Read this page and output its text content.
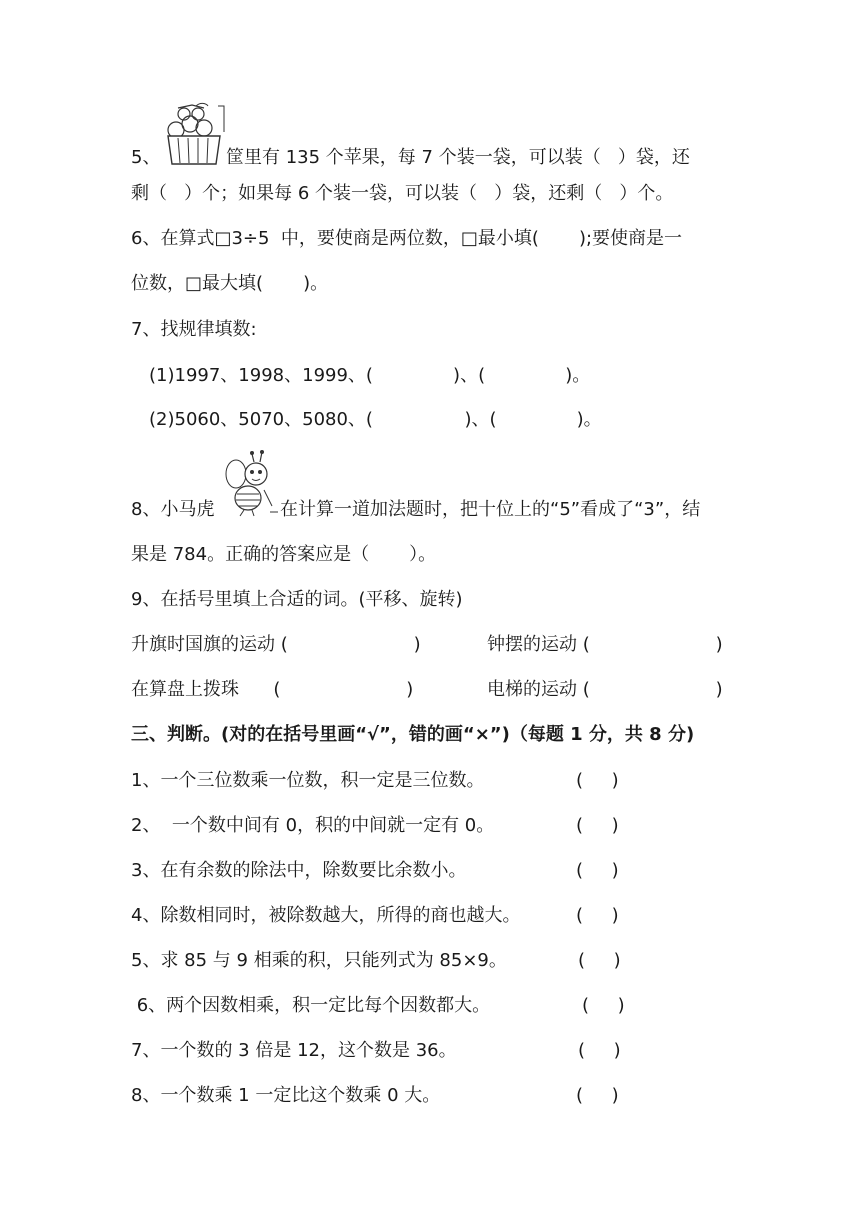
5、	筐里有 135 个苹果，每 7 个装一袋，可以装（   ）袋，还
剩（   ）个；如果每 6 个装一袋，可以装（   ）袋，还剩（   ）个。
6、在算式□3÷5  中，要使商是两位数，□最小填(       );要使商是一
位数，□最大填(       )。
7、找规律填数:
(1)1997、1998、1999、(              )、(              )。
(2)5060、5070、5080、(                )、(              )。
8、小马虎	在计算一道加法题时，把十位上的“5”看成了“3”，结
果是 784。正确的答案应是（       ）。
9、在括号里填上合适的词。(平移、旋转)
升旗时国旗的运动 (                      )	钟摆的运动 (                      )
在算盘上拨珠      (                      )	电梯的运动 (                      )
三、判断。(对的在括号里画“√”，错的画“×”)（每题 1 分，共 8 分)
1、一个三位数乘一位数，积一定是三位数。	(     )
2、  一个数中间有 0，积的中间就一定有 0。	(     )
3、在有余数的除法中，除数要比余数小。	(     )
4、除数相同时，被除数越大，所得的商也越大。	(     )
5、求 85 与 9 相乘的积，只能列式为 85×9。	(     )
6、两个因数相乘，积一定比每个因数都大。	(     )
7、一个数的 3 倍是 12，这个数是 36。	(     )
8、一个数乘 1 一定比这个数乘 0 大。	(     )
